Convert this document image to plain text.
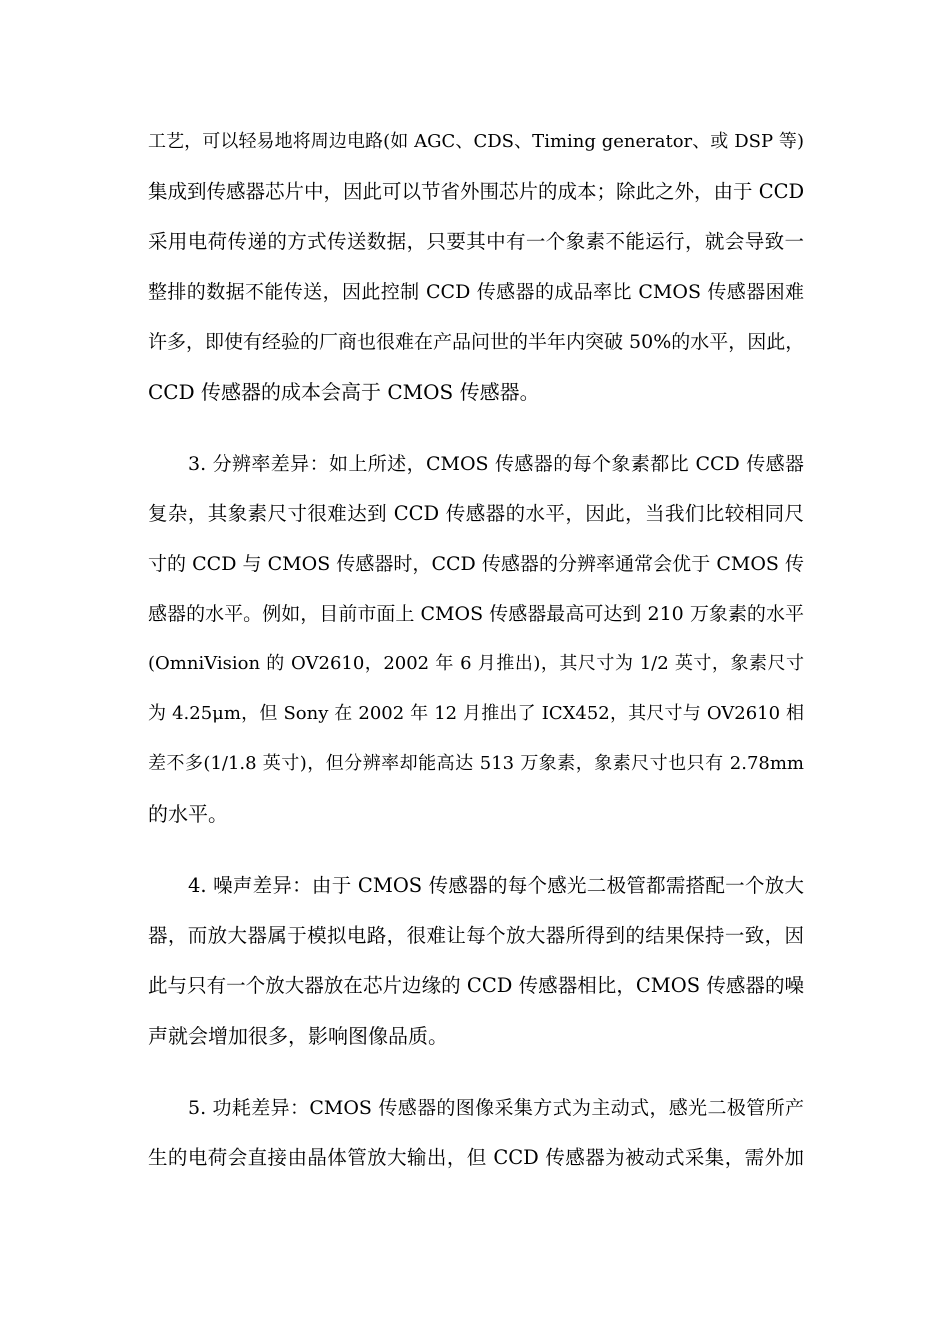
工艺，可以轻易地将周边电路(如 AGC、CDS、Timing generator、或 DSP 等)
集成到传感器芯片中，因此可以节省外围芯片的成本；除此之外，由于 CCD
采用电荷传递的方式传送数据，只要其中有一个象素不能运行，就会导致一
整排的数据不能传送，因此控制 CCD 传感器的成品率比 CMOS 传感器困难
许多，即使有经验的厂商也很难在产品问世的半年内突破 50%的水平，因此，
CCD 传感器的成本会高于 CMOS 传感器。
3. 分辨率差异：如上所述，CMOS 传感器的每个象素都比 CCD 传感器
复杂，其象素尺寸很难达到 CCD 传感器的水平，因此，当我们比较相同尺
寸的 CCD 与 CMOS 传感器时，CCD 传感器的分辨率通常会优于 CMOS 传
感器的水平。例如，目前市面上 CMOS 传感器最高可达到 210 万象素的水平
(OmniVision 的 OV2610，2002 年 6 月推出)，其尺寸为 1/2 英寸，象素尺寸
为 4.25μm，但 Sony 在 2002 年 12 月推出了 ICX452，其尺寸与 OV2610 相
差不多(1/1.8 英寸)，但分辨率却能高达 513 万象素，象素尺寸也只有 2.78mm
的水平。
4. 噪声差异：由于 CMOS 传感器的每个感光二极管都需搭配一个放大
器，而放大器属于模拟电路，很难让每个放大器所得到的结果保持一致，因
此与只有一个放大器放在芯片边缘的 CCD 传感器相比，CMOS 传感器的噪
声就会增加很多，影响图像品质。
5. 功耗差异：CMOS 传感器的图像采集方式为主动式，感光二极管所产
生的电荷会直接由晶体管放大输出，但 CCD 传感器为被动式采集，需外加
